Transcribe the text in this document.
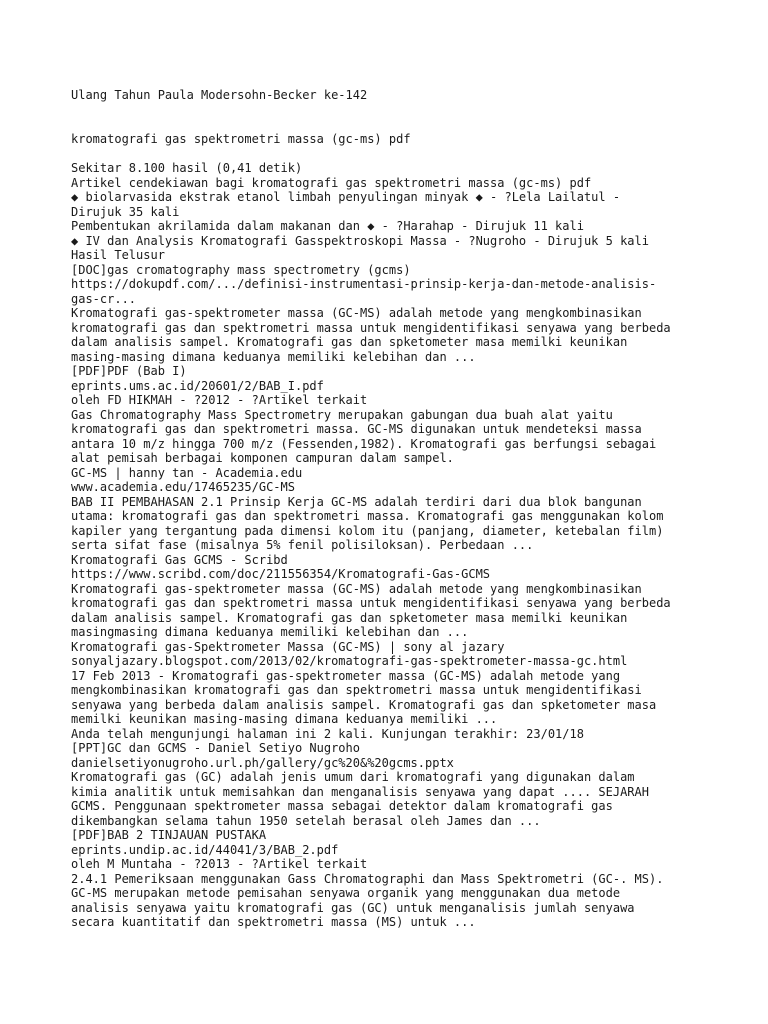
Ulang Tahun Paula Modersohn-Becker ke-142

kromatografi gas spektrometri massa (gc-ms) pdf

Sekitar 8.100 hasil (0,41 detik)

Artikel cendekiawan bagi kromatografi gas spektrometri massa (gc-ms) pdf

◆ biolarvasida ekstrak etanol limbah penyulingan minyak ◆ - ?Lela Lailatul -

Dirujuk 35 kali

Pembentukan akrilamida dalam makanan dan ◆ - ?Harahap - Dirujuk 11 kali

◆ IV dan Analysis Kromatografi Gasspektroskopi Massa - ?Nugroho - Dirujuk 5 kali

Hasil Telusur

[DOC]gas cromatography mass spectrometry (gcms)

https://dokupdf.com/.../definisi-instrumentasi-prinsip-kerja-dan-metode-analisis-

gas-cr...

Kromatografi gas-spektrometer massa (GC-MS) adalah metode yang mengkombinasikan

kromatografi gas dan spektrometri massa untuk mengidentifikasi senyawa yang berbeda

dalam analisis sampel. Kromatografi gas dan spketometer masa memilki keunikan

masing-masing dimana keduanya memiliki kelebihan dan ...

[PDF]PDF (Bab I)

eprints.ums.ac.id/20601/2/BAB_I.pdf

oleh FD HIKMAH - ?2012 - ?Artikel terkait

Gas Chromatography Mass Spectrometry merupakan gabungan dua buah alat yaitu

kromatografi gas dan spektrometri massa. GC-MS digunakan untuk mendeteksi massa

antara 10 m/z hingga 700 m/z (Fessenden,1982). Kromatografi gas berfungsi sebagai

alat pemisah berbagai komponen campuran dalam sampel.

GC-MS | hanny tan - Academia.edu

www.academia.edu/17465235/GC-MS

BAB II PEMBAHASAN 2.1 Prinsip Kerja GC-MS adalah terdiri dari dua blok bangunan

utama: kromatografi gas dan spektrometri massa. Kromatografi gas menggunakan kolom

kapiler yang tergantung pada dimensi kolom itu (panjang, diameter, ketebalan film)

serta sifat fase (misalnya 5% fenil polisiloksan). Perbedaan ...

Kromatografi Gas GCMS - Scribd

https://www.scribd.com/doc/211556354/Kromatografi-Gas-GCMS

Kromatografi gas-spektrometer massa (GC-MS) adalah metode yang mengkombinasikan

kromatografi gas dan spektrometri massa untuk mengidentifikasi senyawa yang berbeda

dalam analisis sampel. Kromatografi gas dan spketometer masa memilki keunikan

masingmasing dimana keduanya memiliki kelebihan dan ...

Kromatografi gas-Spektrometer Massa (GC-MS) | sony al jazary

sonyaljazary.blogspot.com/2013/02/kromatografi-gas-spektrometer-massa-gc.html

17 Feb 2013 - Kromatografi gas-spektrometer massa (GC-MS) adalah metode yang

mengkombinasikan kromatografi gas dan spektrometri massa untuk mengidentifikasi

senyawa yang berbeda dalam analisis sampel. Kromatografi gas dan spketometer masa

memilki keunikan masing-masing dimana keduanya memiliki ...

Anda telah mengunjungi halaman ini 2 kali. Kunjungan terakhir: 23/01/18

[PPT]GC dan GCMS - Daniel Setiyo Nugroho

danielsetiyonugroho.url.ph/gallery/gc%20&%20gcms.pptx

Kromatografi gas (GC) adalah jenis umum dari kromatografi yang digunakan dalam

kimia analitik untuk memisahkan dan menganalisis senyawa yang dapat .... SEJARAH

GCMS. Penggunaan spektrometer massa sebagai detektor dalam kromatografi gas

dikembangkan selama tahun 1950 setelah berasal oleh James dan ...

[PDF]BAB 2 TINJAUAN PUSTAKA

eprints.undip.ac.id/44041/3/BAB_2.pdf

oleh M Muntaha - ?2013 - ?Artikel terkait

2.4.1 Pemeriksaan menggunakan Gass Chromatographi dan Mass Spektrometri (GC-. MS).

GC-MS merupakan metode pemisahan senyawa organik yang menggunakan dua metode

analisis senyawa yaitu kromatografi gas (GC) untuk menganalisis jumlah senyawa

secara kuantitatif dan spektrometri massa (MS) untuk ...
